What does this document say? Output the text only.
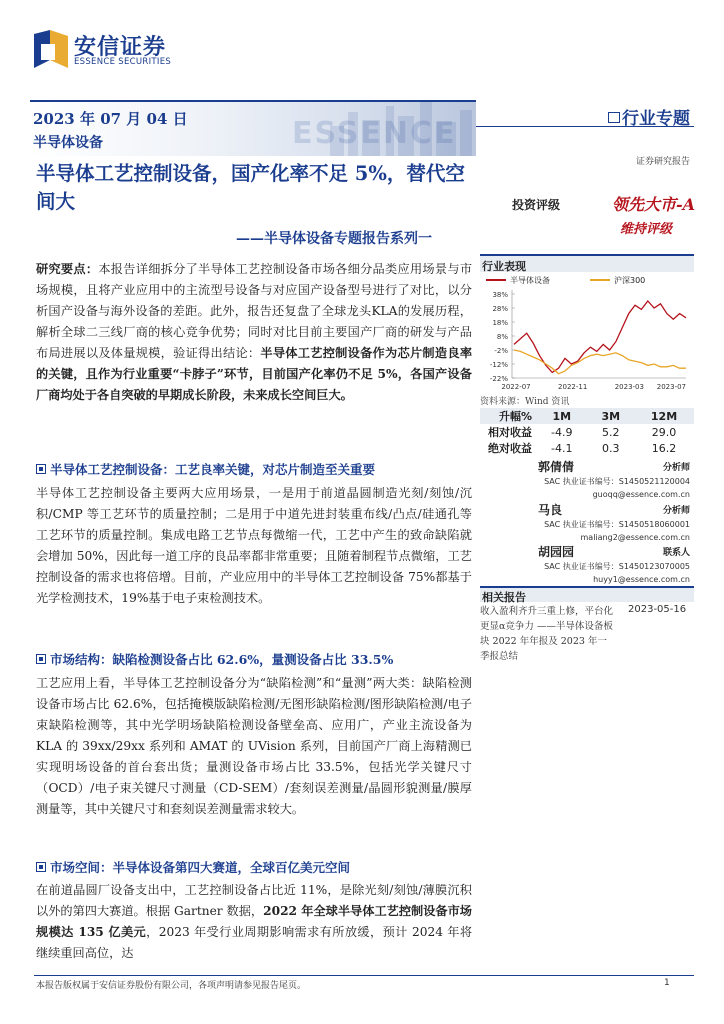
安信证券
ESSENCE SECURITIES
ESSENCE
2023 年 07 月 04 日
半导体设备
行业专题
证券研究报告
半导体工艺控制设备，国产化率不足 5%，替代空间大
——半导体设备专题报告系列一
投资评级	领先大市-A
维持评级
研究要点：本报告详细拆分了半导体工艺控制设备市场各细分品类应用场景与市场规模，且将产业应用中的主流型号设备与对应国产设备型号进行了对比，以分析国产设备与海外设备的差距。此外，报告还复盘了全球龙头KLA的发展历程，解析全球二三线厂商的核心竞争优势；同时对比目前主要国产厂商的研发与产品布局进展以及体量规模，验证得出结论：半导体工艺控制设备作为芯片制造良率的关键，且作为行业重要“卡脖子”环节，目前国产化率仍不足 5%，各国产设备厂商均处于各自突破的早期成长阶段，未来成长空间巨大。
半导体工艺控制设备：工艺良率关键，对芯片制造至关重要
半导体工艺控制设备主要两大应用场景，一是用于前道晶圆制造光刻/刻蚀/沉积/CMP 等工艺环节的质量控制；二是用于中道先进封装重布线/凸点/硅通孔等工艺环节的质量控制。集成电路工艺节点每微缩一代，工艺中产生的致命缺陷就会增加 50%，因此每一道工序的良品率都非常重要；且随着制程节点微缩，工艺控制设备的需求也将倍增。目前，产业应用中的半导体工艺控制设备 75%都基于光学检测技术，19%基于电子束检测技术。
市场结构：缺陷检测设备占比 62.6%，量测设备占比 33.5%
工艺应用上看，半导体工艺控制设备分为“缺陷检测”和“量测”两大类：缺陷检测设备市场占比 62.6%，包括掩模版缺陷检测/无图形缺陷检测/图形缺陷检测/电子束缺陷检测等，其中光学明场缺陷检测设备壁垒高、应用广，产业主流设备为 KLA 的 39xx/29xx 系列和 AMAT 的 UVision 系列，目前国产厂商上海精测已实现明场设备的首台套出货；量测设备市场占比 33.5%，包括光学关键尺寸（OCD）/电子束关键尺寸测量（CD-SEM）/套刻误差测量/晶圆形貌测量/膜厚测量等，其中关键尺寸和套刻误差测量需求较大。
市场空间：半导体设备第四大赛道，全球百亿美元空间
在前道晶圆厂设备支出中，工艺控制设备占比近 11%，是除光刻/刻蚀/薄膜沉积以外的第四大赛道。根据 Gartner 数据，2022 年全球半导体工艺控制设备市场规模达 135 亿美元，2023 年受行业周期影响需求有所放缓，预计 2024 年将继续重回高位，达
行业表现
半导体设备	沪深300
38%
28%
18%
8%
-2%
-12%
-22%
2022-07	2022-11	2023-03 2023-07
资料来源：Wind 资讯
升幅%	1M	3M	12M
相对收益	-4.9	5.2	29.0
绝对收益	-4.1	0.3	16.2
郭倩倩	分析师
SAC 执业证书编号：S1450521120004
guoqq@essence.com.cn
马良	分析师
SAC 执业证书编号：S1450518060001
maliang2@essence.com.cn
胡园园	联系人
SAC 执业证书编号：S1450123070005
huyy1@essence.com.cn
相关报告
收入盈利齐升三重上修，平台化更显α竞争力 ——半导体设备板块 2022 年年报及 2023 年一季报总结
2023-05-16
本报告版权属于安信证券股份有限公司，各项声明请参见报告尾页。	1
